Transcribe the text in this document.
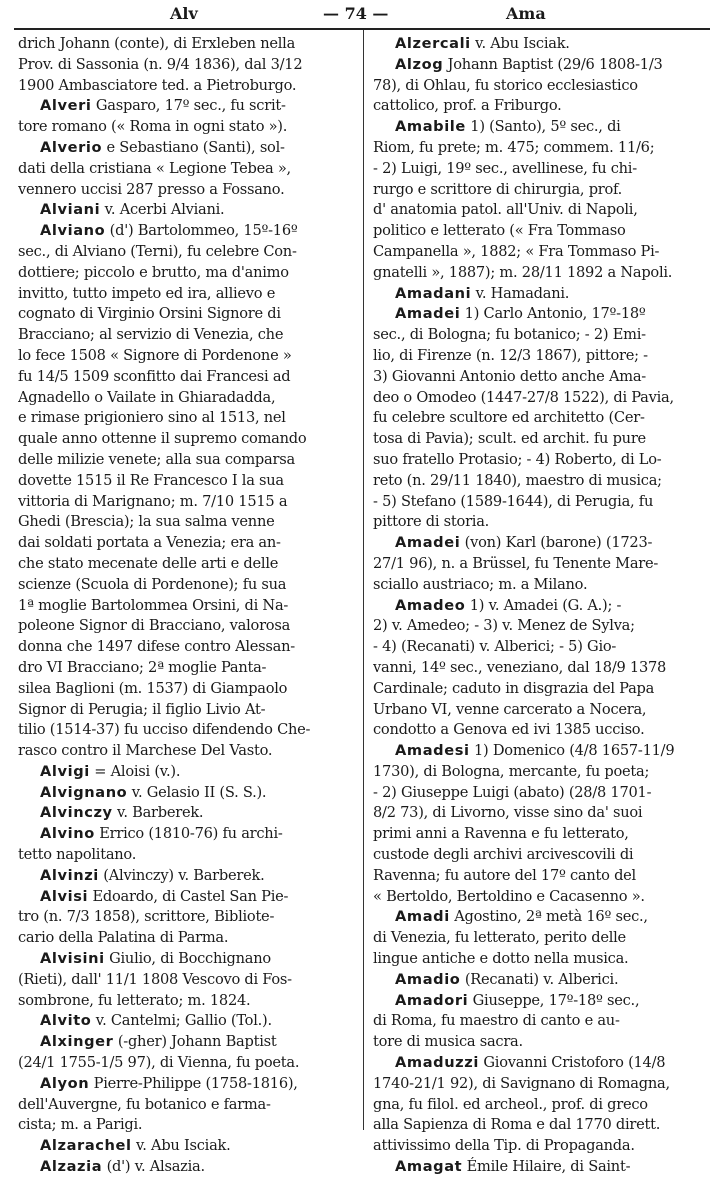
Alv	— 74 —	Ama
drich Johann (conte), di Erxleben nella
Prov. di Sassonia (n. 9/4 1836), dal 3/12
1900 Ambasciatore ted. a Pietroburgo.
Alveri Gasparo, 17º sec., fu scrit-
tore romano (« Roma in ogni stato »).
Alverio e Sebastiano (Santi), sol-
dati della cristiana « Legione Tebea »,
vennero uccisi 287 presso a Fossano.
Alviani v. Acerbi Alviani.
Alviano (d') Bartolommeo, 15º-16º
sec., di Alviano (Terni), fu celebre Con-
dottiere; piccolo e brutto, ma d'animo
invitto, tutto impeto ed ira, allievo e
cognato di Virginio Orsini Signore di
Bracciano; al servizio di Venezia, che
lo fece 1508 « Signore di Pordenone »
fu 14/5 1509 sconfitto dai Francesi ad
Agnadello o Vailate in Ghiaradadda,
e rimase prigioniero sino al 1513, nel
quale anno ottenne il supremo comando
delle milizie venete; alla sua comparsa
dovette 1515 il Re Francesco I la sua
vittoria di Marignano; m. 7/10 1515 a
Ghedi (Brescia); la sua salma venne
dai soldati portata a Venezia; era an-
che stato mecenate delle arti e delle
scienze (Scuola di Pordenone); fu sua
1ª moglie Bartolommea Orsini, di Na-
poleone Signor di Bracciano, valorosa
donna che 1497 difese contro Alessan-
dro VI Bracciano; 2ª moglie Panta-
silea Baglioni (m. 1537) di Giampaolo
Signor di Perugia; il figlio Livio At-
tilio (1514-37) fu ucciso difendendo Che-
rasco contro il Marchese Del Vasto.
Alvigi = Aloisi (v.).
Alvignano v. Gelasio II (S. S.).
Alvinczy v. Barberek.
Alvino Errico (1810-76) fu archi-
tetto napolitano.
Alvinzi (Alvinczy) v. Barberek.
Alvisi Edoardo, di Castel San Pie-
tro (n. 7/3 1858), scrittore, Bibliote-
cario della Palatina di Parma.
Alvisini Giulio, di Bocchignano
(Rieti), dall' 11/1 1808 Vescovo di Fos-
sombrone, fu letterato; m. 1824.
Alvito v. Cantelmi; Gallio (Tol.).
Alxinger (-gher) Johann Baptist
(24/1 1755-1/5 97), di Vienna, fu poeta.
Alyon Pierre-Philippe (1758-1816),
dell'Auvergne, fu botanico e farma-
cista; m. a Parigi.
Alzarachel v. Abu Isciak.
Alzazia (d') v. Alsazia.
Alzercali v. Abu Isciak.
Alzog Johann Baptist (29/6 1808-1/3
78), di Ohlau, fu storico ecclesiastico
cattolico, prof. a Friburgo.
Amabile 1) (Santo), 5º sec., di
Riom, fu prete; m. 475; commem. 11/6;
- 2) Luigi, 19º sec., avellinese, fu chi-
rurgo e scrittore di chirurgia, prof.
d' anatomia patol. all'Univ. di Napoli,
politico e letterato (« Fra Tommaso
Campanella », 1882; « Fra Tommaso Pi-
gnatelli », 1887); m. 28/11 1892 a Napoli.
Amadani v. Hamadani.
Amadei 1) Carlo Antonio, 17º-18º
sec., di Bologna; fu botanico; - 2) Emi-
lio, di Firenze (n. 12/3 1867), pittore; -
3) Giovanni Antonio detto anche Ama-
deo o Omodeo (1447-27/8 1522), di Pavia,
fu celebre scultore ed architetto (Cer-
tosa di Pavia); scult. ed archit. fu pure
suo fratello Protasio; - 4) Roberto, di Lo-
reto (n. 29/11 1840), maestro di musica;
- 5) Stefano (1589-1644), di Perugia, fu
pittore di storia.
Amadei (von) Karl (barone) (1723-
27/1 96), n. a Brüssel, fu Tenente Mare-
sciallo austriaco; m. a Milano.
Amadeo 1) v. Amadei (G. A.); -
2) v. Amedeo; - 3) v. Menez de Sylva;
- 4) (Recanati) v. Alberici; - 5) Gio-
vanni, 14º sec., veneziano, dal 18/9 1378
Cardinale; caduto in disgrazia del Papa
Urbano VI, venne carcerato a Nocera,
condotto a Genova ed ivi 1385 ucciso.
Amadesi 1) Domenico (4/8 1657-11/9
1730), di Bologna, mercante, fu poeta;
- 2) Giuseppe Luigi (abato) (28/8 1701-
8/2 73), di Livorno, visse sino da' suoi
primi anni a Ravenna e fu letterato,
custode degli archivi arcivescovili di
Ravenna; fu autore del 17º canto del
« Bertoldo, Bertoldino e Cacasenno ».
Amadi Agostino, 2ª metà 16º sec.,
di Venezia, fu letterato, perito delle
lingue antiche e dotto nella musica.
Amadio (Recanati) v. Alberici.
Amadori Giuseppe, 17º-18º sec.,
di Roma, fu maestro di canto e au-
tore di musica sacra.
Amaduzzi Giovanni Cristoforo (14/8
1740-21/1 92), di Savignano di Romagna,
gna, fu filol. ed archeol., prof. di greco
alla Sapienza di Roma e dal 1770 dirett.
attivissimo della Tip. di Propaganda.
Amagat Émile Hilaire, di Saint-
